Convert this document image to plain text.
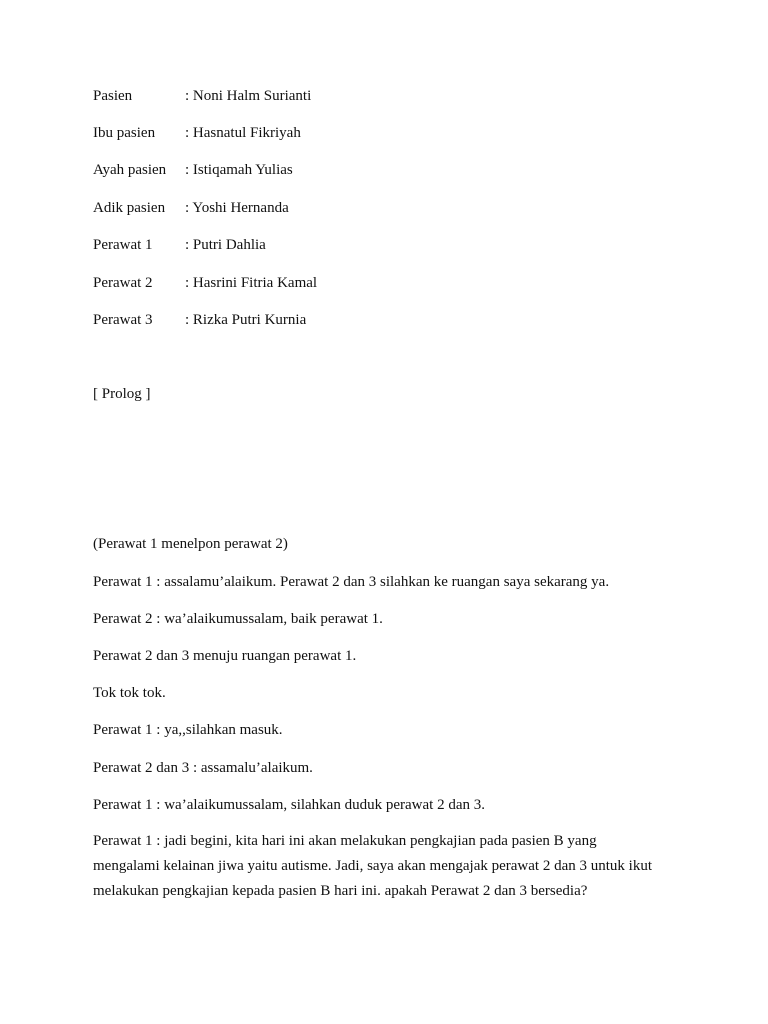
Pasien	: Noni Halm Surianti
Ibu pasien : Hasnatul Fikriyah
Ayah pasien : Istiqamah Yulias
Adik pasien : Yoshi Hernanda
Perawat 1 : Putri Dahlia
Perawat 2 : Hasrini Fitria Kamal
Perawat 3 : Rizka Putri Kurnia
[ Prolog ]
(Perawat 1 menelpon perawat 2)
Perawat 1 : assalamu’alaikum. Perawat 2 dan 3 silahkan ke ruangan saya sekarang ya.
Perawat 2 : wa’alaikumussalam, baik perawat 1.
Perawat 2 dan 3 menuju ruangan perawat 1.
Tok tok tok.
Perawat 1 : ya,,silahkan masuk.
Perawat 2 dan 3 : assamalu’alaikum.
Perawat 1 : wa’alaikumussalam, silahkan duduk perawat 2 dan 3.
Perawat 1 : jadi begini, kita hari ini akan melakukan pengkajian pada pasien B yang
mengalami kelainan jiwa yaitu autisme. Jadi, saya akan mengajak perawat 2 dan 3 untuk ikut
melakukan pengkajian kepada pasien B hari ini. apakah Perawat 2 dan 3 bersedia?
